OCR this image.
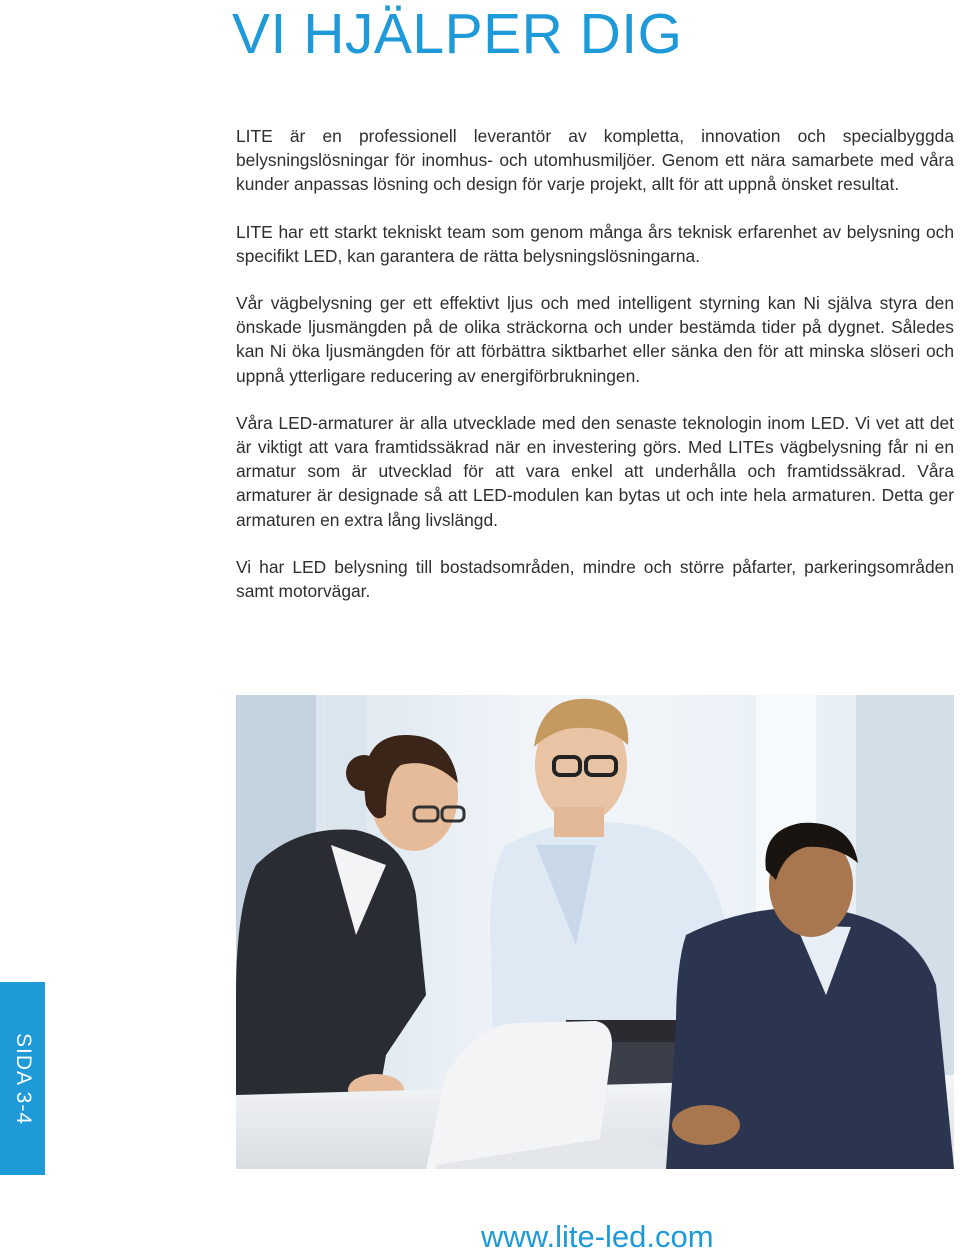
VI HJÄLPER DIG

LITE är en professionell leverantör av kompletta, innovation och specialbyggda belysningslösningar för inomhus- och utomhusmiljöer. Genom ett nära samarbete med våra kunder anpassas lösning och design för varje projekt, allt för att uppnå önsket resultat.

LITE har ett starkt tekniskt team som genom många års teknisk erfarenhet av belysning och specifikt LED, kan garantera de rätta belysningslösningarna.

Vår vägbelysning ger ett effektivt ljus och med intelligent styrning kan Ni själva styra den önskade ljusmängden på de olika sträckorna och under bestämda tider på dygnet. Således kan Ni öka ljusmängden för att förbättra siktbarhet eller sänka den för att minska slöseri och uppnå ytterligare reducering av energiförbrukningen.

Våra LED-armaturer är alla utvecklade med den senaste teknologin inom LED. Vi vet att det är viktigt att vara framtidssäkrad när en investering görs. Med LITEs vägbelysning får ni en armatur som är utvecklad för att vara enkel att underhålla och framtidssäkrad. Våra armaturer är designade så att LED-modulen kan bytas ut och inte hela armaturen. Detta ger armaturen en extra lång livslängd.

Vi har LED belysning till bostadsområden, mindre och större påfarter, parkeringsområden samt motorvägar.

SIDA 3-4
www.lite-led.com
